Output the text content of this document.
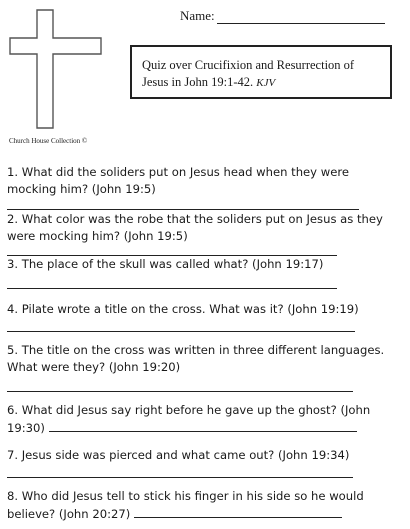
Church House Collection ©
Name:
Quiz over Crucifixion and Resurrection of
Jesus in John 19:1-42. KJV
1. What did the soliders put on Jesus head when they were
mocking him? (John 19:5)
2. What color was the robe that the soliders put on Jesus as they
were mocking him? (John 19:5)
3. The place of the skull was called what? (John 19:17)
4. Pilate wrote a title on the cross. What was it? (John 19:19)
5. The title on the cross was written in three different languages.
What were they? (John 19:20)
6. What did Jesus say right before he gave up the ghost? (John
19:30)
7. Jesus side was pierced and what came out? (John 19:34)
8. Who did Jesus tell to stick his finger in his side so he would
believe? (John 20:27)
